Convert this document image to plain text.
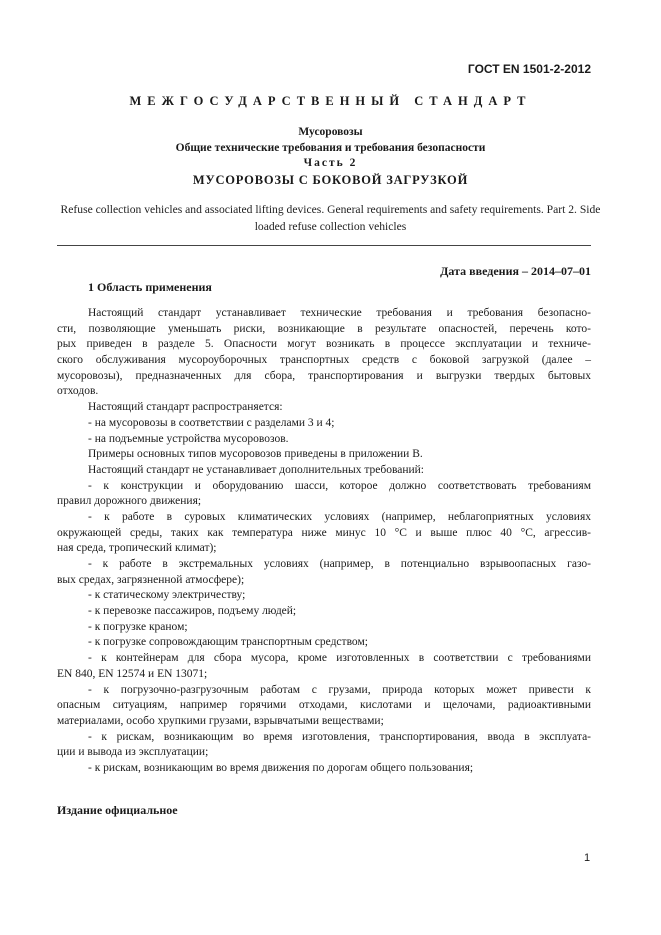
ГОСТ EN 1501-2-2012
МЕЖГОСУДАРСТВЕННЫЙ СТАНДАРТ
Мусоровозы
Общие технические требования и требования безопасности
Часть 2
МУСОРОВОЗЫ С БОКОВОЙ ЗАГРУЗКОЙ
Refuse collection vehicles and associated lifting devices. General requirements and safety requirements. Part 2. Side loaded refuse collection vehicles
Дата введения – 2014–07–01
1 Область применения
Настоящий стандарт устанавливает технические требования и требования безопасно-
сти, позволяющие уменьшать риски, возникающие в результате опасностей, перечень кото-
рых приведен в разделе 5. Опасности могут возникать в процессе эксплуатации и техниче-
ского обслуживания мусороуборочных транспортных средств с боковой загрузкой (далее –
мусоровозы), предназначенных для сбора, транспортирования и выгрузки твердых бытовых
отходов.
Настоящий стандарт распространяется:
- на мусоровозы в соответствии с разделами 3 и 4;
- на подъемные устройства мусоровозов.
Примеры основных типов мусоровозов приведены в приложении В.
Настоящий стандарт не устанавливает дополнительных требований:
- к конструкции и оборудованию шасси, которое должно соответствовать требованиям
правил дорожного движения;
- к работе в суровых климатических условиях (например, неблагоприятных условиях
окружающей среды, таких как температура ниже минус 10 °С и выше плюс 40 °С, агрессив-
ная среда, тропический климат);
- к работе в экстремальных условиях (например, в потенциально взрывоопасных газо-
вых средах, загрязненной атмосфере);
- к статическому электричеству;
- к перевозке пассажиров, подъему людей;
- к погрузке краном;
- к погрузке сопровождающим транспортным средством;
- к контейнерам для сбора мусора, кроме изготовленных в соответствии с требованиями
EN 840, EN 12574 и EN 13071;
- к погрузочно-разгрузочным работам с грузами, природа которых может привести к
опасным ситуациям, например горячими отходами, кислотами и щелочами, радиоактивными
материалами, особо хрупкими грузами, взрывчатыми веществами;
- к рискам, возникающим во время изготовления, транспортирования, ввода в эксплуата-
ции и вывода из эксплуатации;
- к рискам, возникающим во время движения по дорогам общего пользования;
Издание официальное
1
